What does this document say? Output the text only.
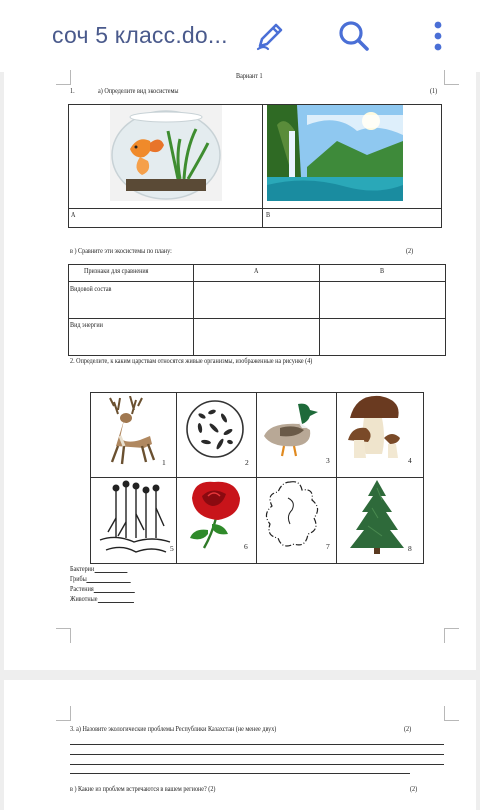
соч 5 класс.do...
Вариант 1
1.	а) Определите вид экосистемы	(1)
A	B
в ) Сравните эти экосистемы по плану:	(2)
Признаки для сравнения	A	B
Видовой состав
Вид энергии
2. Определите, к каким царствам относятся живые организмы, изображенные на рисунке (4)
1	2	3	4
5	6	7	8
Бактерии
Грибы
Растения
Животные
3. а) Назовите экологические проблемы Республики Казахстан (не менее двух)	(2)
в ) Какие из проблем встречаются в вашем регионе? (2)	(2)
